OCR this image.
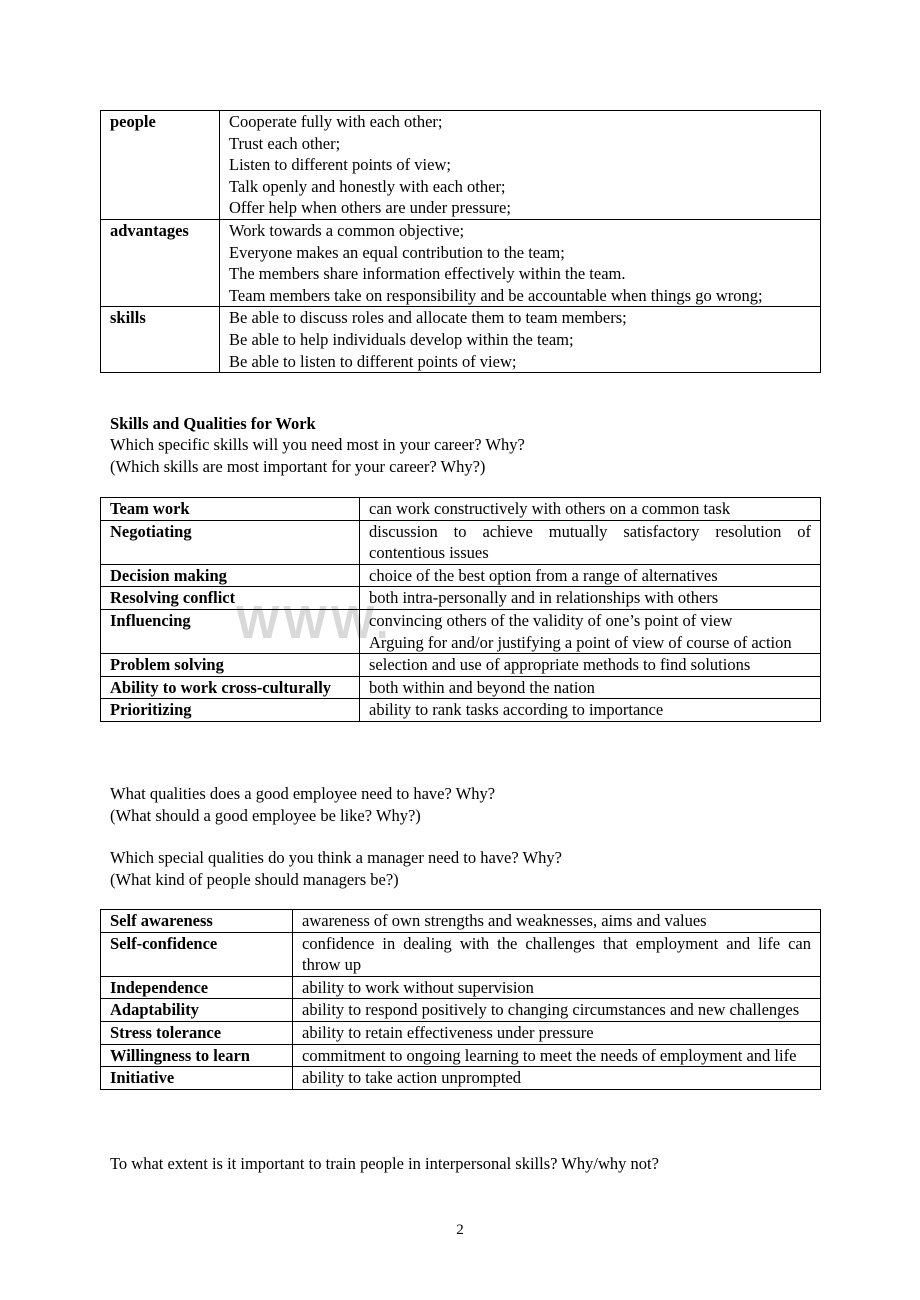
WWW.
people	Cooperate fully with each other;
Trust each other;
Listen to different points of view;
Talk openly and honestly with each other;
Offer help when others are under pressure;

advantages	Work towards a common objective;
Everyone makes an equal contribution to the team;
The members share information effectively within the team.
Team members take on responsibility and be accountable when things go wrong;

skills	Be able to discuss roles and allocate them to team members;
Be able to help individuals develop within the team;
Be able to listen to different points of view;
Skills and Qualities for Work
Which specific skills will you need most in your career? Why?
(Which skills are most important for your career? Why?)
Team work	can work constructively with others on a common task
Negotiating	discussion to achieve mutually satisfactory resolution of contentious issues
Decision making	choice of the best option from a range of alternatives
Resolving conflict	both intra-personally and in relationships with others
Influencing	convincing others of the validity of one’s point of view
Arguing for and/or justifying a point of view of course of action

Problem solving	selection and use of appropriate methods to find solutions
Ability to work cross-culturally	both within and beyond the nation
Prioritizing	ability to rank tasks according to importance
What qualities does a good employee need to have? Why?
(What should a good employee be like? Why?)
Which special qualities do you think a manager need to have? Why?
(What kind of people should managers be?)
Self awareness	awareness of own strengths and weaknesses, aims and values
Self-confidence	confidence in dealing with the challenges that employment and life can throw up
Independence	ability to work without supervision
Adaptability	ability to respond positively to changing circumstances and new challenges
Stress tolerance	ability to retain effectiveness under pressure
Willingness to learn	commitment to ongoing learning to meet the needs of employment and life
Initiative	ability to take action unprompted
To what extent is it important to train people in interpersonal skills? Why/why not?
2
